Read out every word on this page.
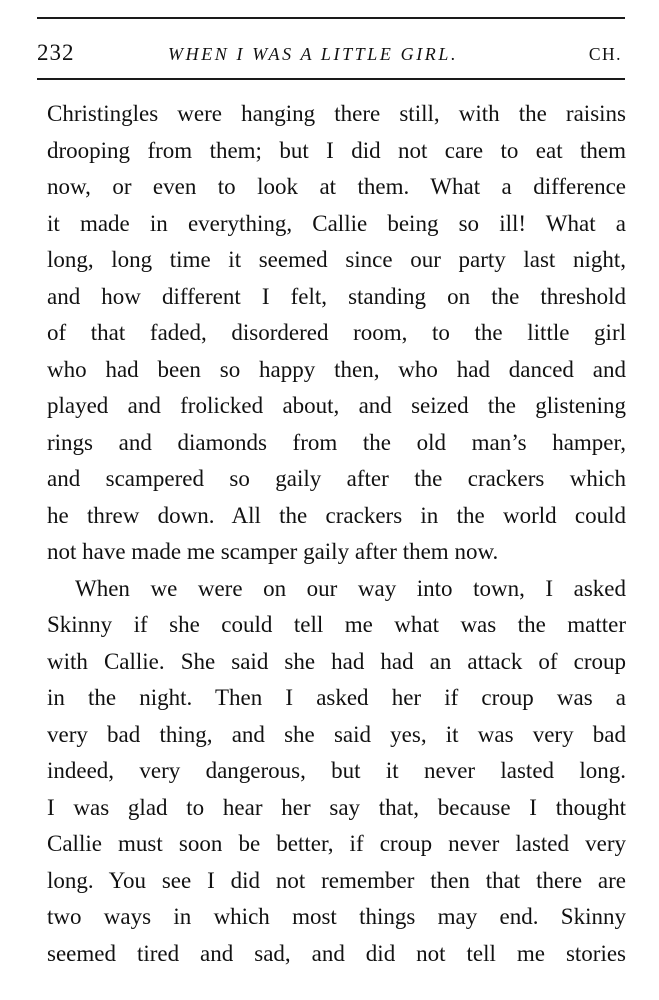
232	WHEN I WAS A LITTLE GIRL.	CH.
Christingles were hanging there still, with the raisins
drooping from them; but I did not care to eat them
now, or even to look at them. What a difference
it made in everything, Callie being so ill! What a
long, long time it seemed since our party last night,
and how different I felt, standing on the threshold
of that faded, disordered room, to the little girl
who had been so happy then, who had danced and
played and frolicked about, and seized the glistening
rings and diamonds from the old man’s hamper,
and scampered so gaily after the crackers which
he threw down. All the crackers in the world could
not have made me scamper gaily after them now.
When we were on our way into town, I asked
Skinny if she could tell me what was the matter
with Callie. She said she had had an attack of croup
in the night. Then I asked her if croup was a
very bad thing, and she said yes, it was very bad
indeed, very dangerous, but it never lasted long.
I was glad to hear her say that, because I thought
Callie must soon be better, if croup never lasted very
long. You see I did not remember then that there are
two ways in which most things may end. Skinny
seemed tired and sad, and did not tell me stories
